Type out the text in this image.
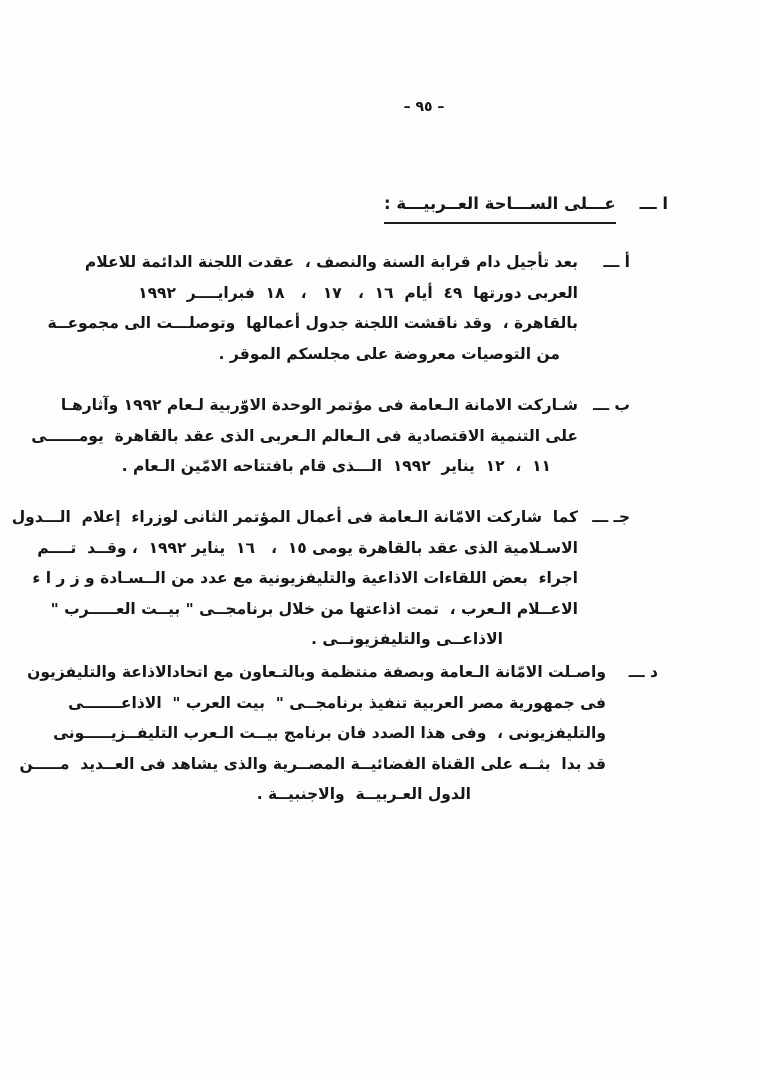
– ٩٥ –
ا ـــ
عـــلى الســـاحة العــربيـــة :
أ ـــ
بعد تأجيل دام قرابة السنة والنصف ،  عقدت اللجنة الدائمة للاعلام
العربى دورتها  ٤٩  أيام  ١٦  ،   ١٧   ،   ١٨  فبرايــــر  ١٩٩٢
بالقاهرة ،  وقد ناقشت اللجنة جدول أعمالها  وتوصلـــت الى مجموعــة
من التوصيات معروضة على مجلسكم الموقر .
ب ـــ
شـاركت الامانة الـعامة فى مؤتمر الوحدة الاوّربية لـعام ١٩٩٢ وآثارهـا
على التنمية الاقتصادية فى الـعالم الـعربى الذى عقد بالقاهرة  يومــــــى
١١  ،  ١٢  يناير  ١٩٩٢  الـــذى قام بافتتاحه الامّين الـعام .
جـ ـــ
كما  شاركت الامّانة الـعامة فى أعمال المؤتمر الثانى لوزراء  إعلام  الـــدول
الاسـلامية الذى عقد بالقاهرة يومى ١٥  ،   ١٦  يناير ١٩٩٢  ، وقــد  تــــم
اجراء  بعض اللقاءات الاذاعية والتليفزيونية مع عدد من الــسـادة و ز ر ا ء
الاعــلام الـعرب ،  تمت اذاعتها من خلال برنامجــى " بيــت العـــــرب "
الاذاعــى والتليفزيونــى .
د ـــ
واصـلت الامّانة الـعامة وبصفة منتظمة وبالتـعاون مع اتحادالاذاعة والتليفزيون
فى جمهورية مصر العربية تنفيذ برنامجــى "  بيت العرب "  الاذاعـــــــى
والتليفزيونى ،  وفى هذا الصدد فان برنامج بيــت الـعرب التليفــزيـــــونى
قد بدا  بثــه على القناة الفضائيــة المصــرية والذى يشاهد فى العــديد  مـــــن
الدول العـربيــة  والاجنبيــة .
